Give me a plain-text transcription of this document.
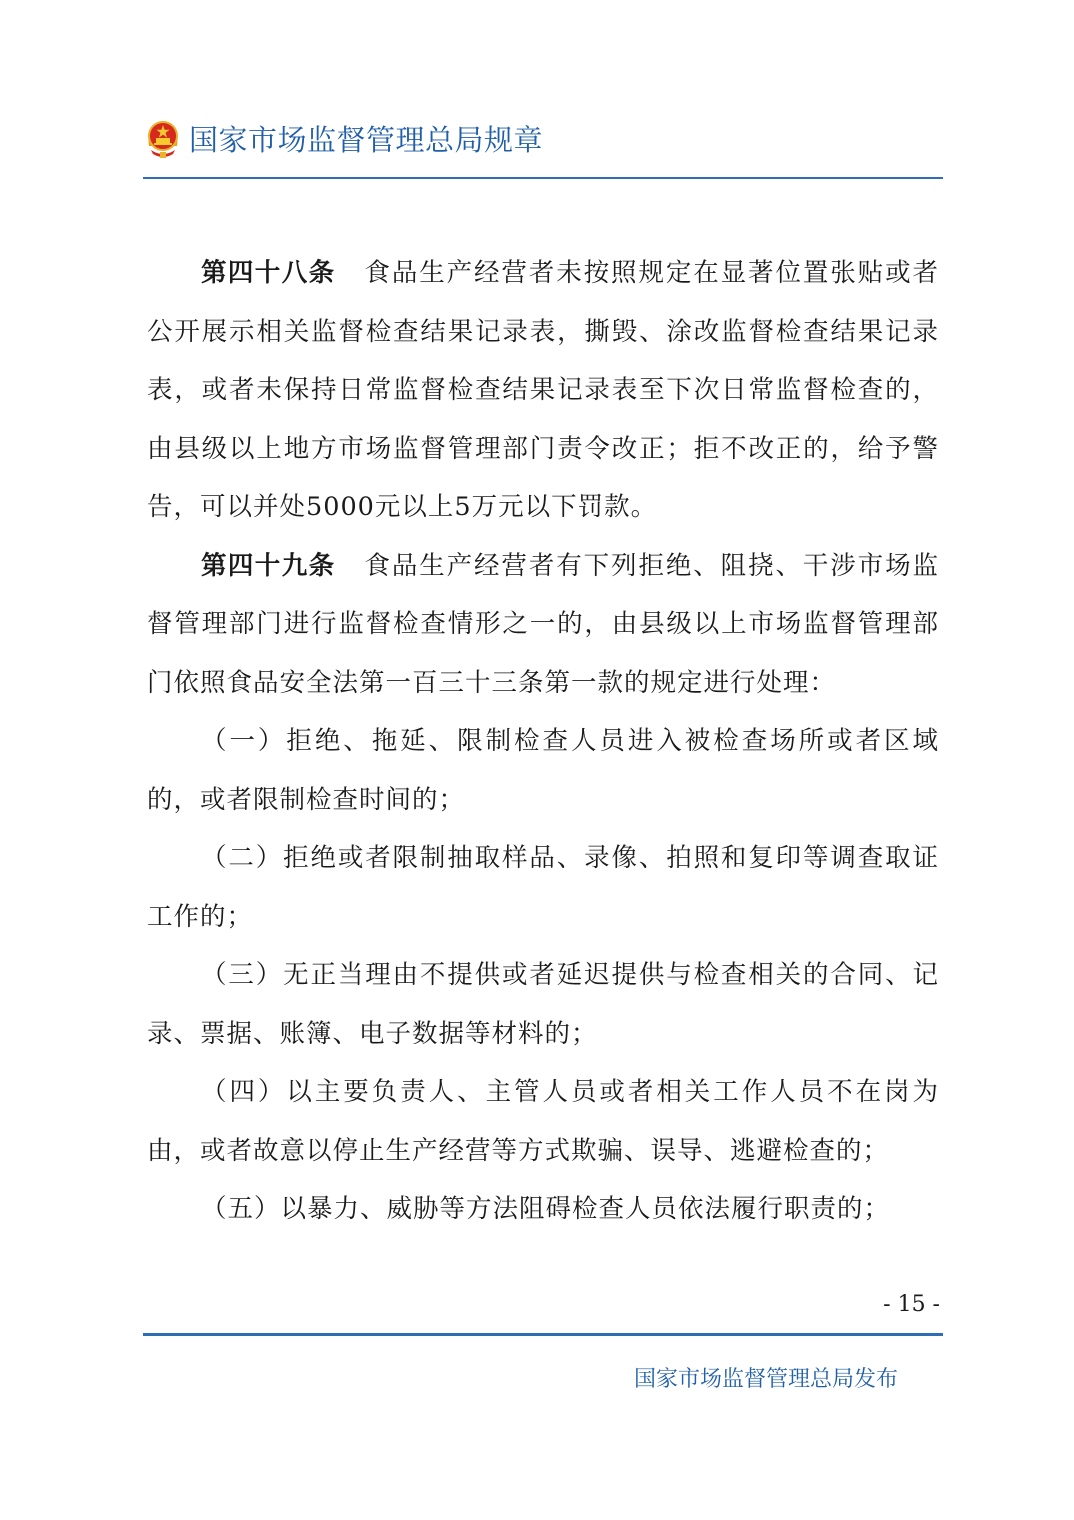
国家市场监督管理总局规章

第四十八条 食品生产经营者未按照规定在显著位置张贴或者公开展示相关监督检查结果记录表，撕毁、涂改监督检查结果记录表，或者未保持日常监督检查结果记录表至下次日常监督检查的，由县级以上地方市场监督管理部门责令改正；拒不改正的，给予警告，可以并处5000元以上5万元以下罚款。

第四十九条 食品生产经营者有下列拒绝、阻挠、干涉市场监督管理部门进行监督检查情形之一的，由县级以上市场监督管理部门依照食品安全法第一百三十三条第一款的规定进行处理：

（一）拒绝、拖延、限制检查人员进入被检查场所或者区域的，或者限制检查时间的；

（二）拒绝或者限制抽取样品、录像、拍照和复印等调查取证工作的；

（三）无正当理由不提供或者延迟提供与检查相关的合同、记录、票据、账簿、电子数据等材料的；

（四）以主要负责人、主管人员或者相关工作人员不在岗为由，或者故意以停止生产经营等方式欺骗、误导、逃避检查的；

（五）以暴力、威胁等方法阻碍检查人员依法履行职责的；

- 15 -
国家市场监督管理总局发布
